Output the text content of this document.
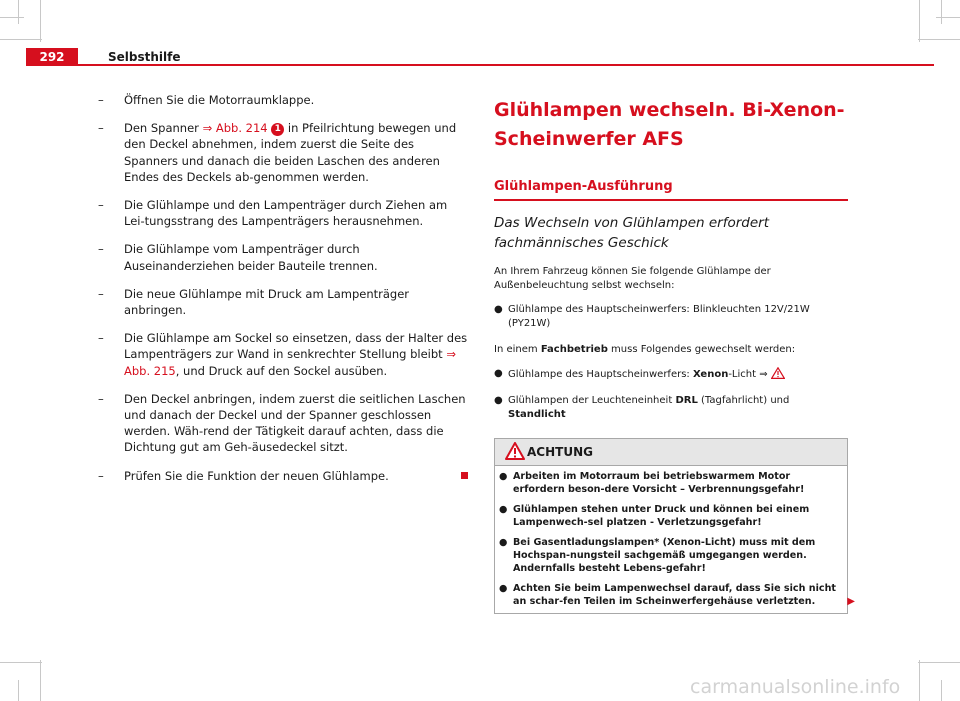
292	Selbsthilfe
– Öffnen Sie die Motorraumklappe.
– Den Spanner ⇒ Abb. 214 1 in Pfeilrichtung bewegen und den Deckel abnehmen, indem zuerst die Seite des Spanners und danach die beiden Laschen des anderen Endes des Deckels ab-genommen werden.
– Die Glühlampe und den Lampenträger durch Ziehen am Lei-tungsstrang des Lampenträgers herausnehmen.
– Die Glühlampe vom Lampenträger durch Auseinanderziehen beider Bauteile trennen.
– Die neue Glühlampe mit Druck am Lampenträger anbringen.
– Die Glühlampe am Sockel so einsetzen, dass der Halter des Lampenträgers zur Wand in senkrechter Stellung bleibt ⇒ Abb. 215, und Druck auf den Sockel ausüben.
– Den Deckel anbringen, indem zuerst die seitlichen Laschen und danach der Deckel und der Spanner geschlossen werden. Wäh-rend der Tätigkeit darauf achten, dass die Dichtung gut am Geh-äusedeckel sitzt.
– Prüfen Sie die Funktion der neuen Glühlampe.
Glühlampen wechseln. Bi-Xenon-Scheinwerfer AFS
Glühlampen-Ausführung
Das Wechseln von Glühlampen erfordert fachmännisches Geschick
An Ihrem Fahrzeug können Sie folgende Glühlampe der Außenbeleuchtung selbst wechseln:
● Glühlampe des Hauptscheinwerfers: Blinkleuchten 12V/21W (PY21W)
In einem Fachbetrieb muss Folgendes gewechselt werden:
● Glühlampe des Hauptscheinwerfers: Xenon-Licht ⇒
● Glühlampen der Leuchteneinheit DRL (Tagfahrlicht) und Standlicht
ACHTUNG
● Arbeiten im Motorraum bei betriebswarmem Motor erfordern beson-dere Vorsicht – Verbrennungsgefahr!
● Glühlampen stehen unter Druck und können bei einem Lampenwech-sel platzen - Verletzungsgefahr!
● Bei Gasentladungslampen* (Xenon-Licht) muss mit dem Hochspan-nungsteil sachgemäß umgegangen werden. Andernfalls besteht Lebens-gefahr!
● Achten Sie beim Lampenwechsel darauf, dass Sie sich nicht an schar-fen Teilen im Scheinwerfergehäuse verletzten.	▶
carmanualsonline.info
